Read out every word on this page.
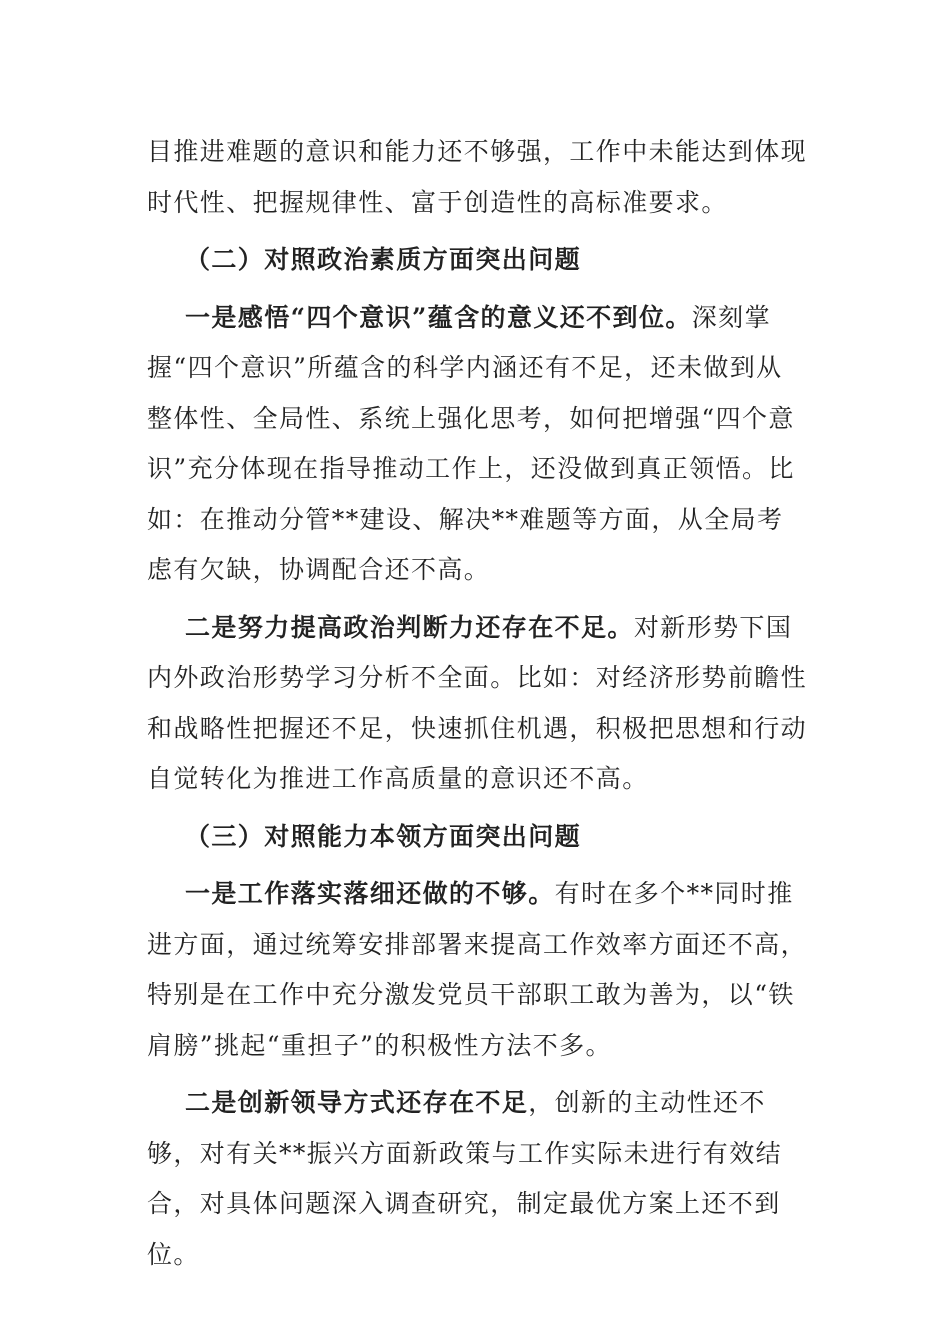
目推进难题的意识和能力还不够强，工作中未能达到体现时代性、把握规律性、富于创造性的高标准要求。

（二）对照政治素质方面突出问题

一是感悟“四个意识”蕴含的意义还不到位。深刻掌握“四个意识”所蕴含的科学内涵还有不足，还未做到从整体性、全局性、系统上强化思考，如何把增强“四个意识”充分体现在指导推动工作上，还没做到真正领悟。比如：在推动分管**建设、解决**难题等方面，从全局考虑有欠缺，协调配合还不高。

二是努力提高政治判断力还存在不足。对新形势下国内外政治形势学习分析不全面。比如：对经济形势前瞻性和战略性把握还不足，快速抓住机遇，积极把思想和行动自觉转化为推进工作高质量的意识还不高。

（三）对照能力本领方面突出问题

一是工作落实落细还做的不够。有时在多个**同时推进方面，通过统筹安排部署来提高工作效率方面还不高，特别是在工作中充分激发党员干部职工敢为善为，以“铁肩膀”挑起“重担子”的积极性方法不多。

二是创新领导方式还存在不足，创新的主动性还不够，对有关**振兴方面新政策与工作实际未进行有效结合，对具体问题深入调查研究，制定最优方案上还不到位。
